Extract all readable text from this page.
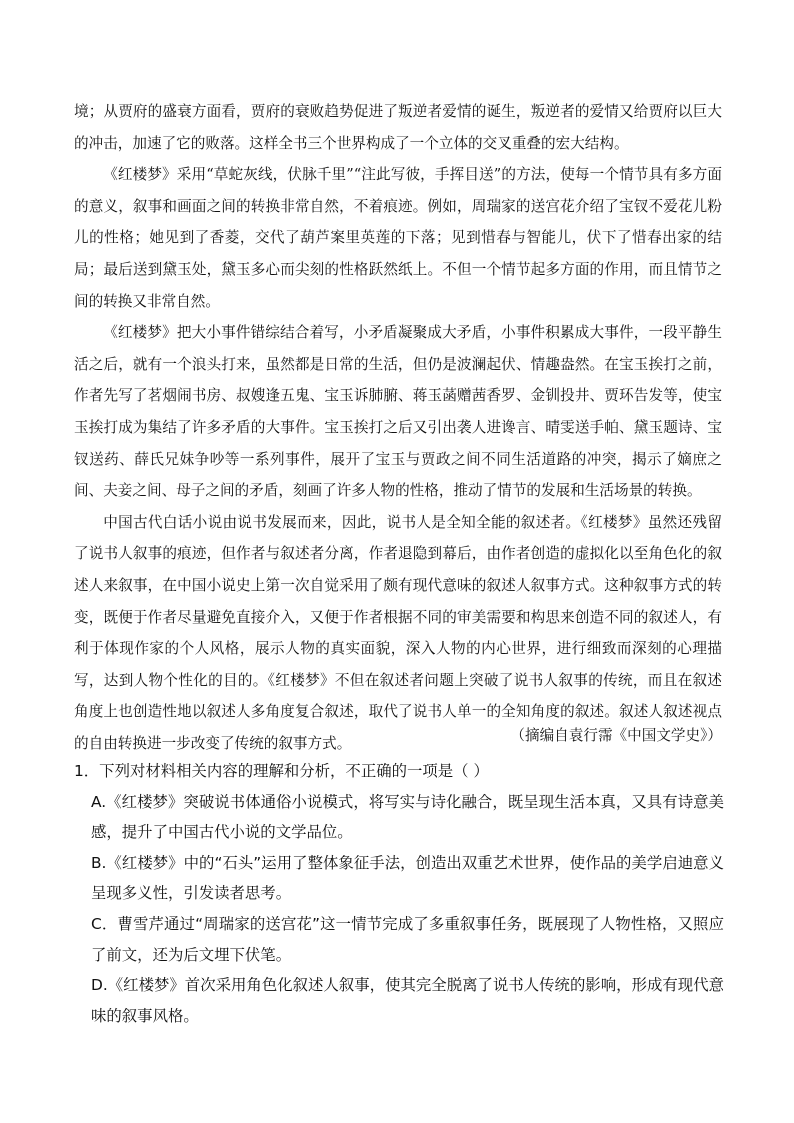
境；从贾府的盛衰方面看，贾府的衰败趋势促进了叛逆者爱情的诞生，叛逆者的爱情又给贾府以巨大的冲击，加速了它的败落。这样全书三个世界构成了一个立体的交叉重叠的宏大结构。

《红楼梦》采用“草蛇灰线，伏脉千里”“注此写彼，手挥目送”的方法，使每一个情节具有多方面的意义，叙事和画面之间的转换非常自然，不着痕迹。例如，周瑞家的送宫花介绍了宝钗不爱花儿粉儿的性格；她见到了香菱，交代了葫芦案里英莲的下落；见到惜春与智能儿，伏下了惜春出家的结局；最后送到黛玉处，黛玉多心而尖刻的性格跃然纸上。不但一个情节起多方面的作用，而且情节之间的转换又非常自然。

《红楼梦》把大小事件错综结合着写，小矛盾凝聚成大矛盾，小事件积累成大事件，一段平静生活之后，就有一个浪头打来，虽然都是日常的生活，但仍是波澜起伏、情趣盎然。在宝玉挨打之前，作者先写了茗烟闹书房、叔嫂逢五鬼、宝玉诉肺腑、蒋玉菡赠茜香罗、金钏投井、贾环告发等，使宝玉挨打成为集结了许多矛盾的大事件。宝玉挨打之后又引出袭人进谗言、晴雯送手帕、黛玉题诗、宝钗送药、薛氏兄妹争吵等一系列事件，展开了宝玉与贾政之间不同生活道路的冲突，揭示了嫡庶之间、夫妾之间、母子之间的矛盾，刻画了许多人物的性格，推动了情节的发展和生活场景的转换。

中国古代白话小说由说书发展而来，因此，说书人是全知全能的叙述者。《红楼梦》虽然还残留了说书人叙事的痕迹，但作者与叙述者分离，作者退隐到幕后，由作者创造的虚拟化以至角色化的叙述人来叙事，在中国小说史上第一次自觉采用了颇有现代意味的叙述人叙事方式。这种叙事方式的转变，既便于作者尽量避免直接介入，又便于作者根据不同的审美需要和构思来创造不同的叙述人，有利于体现作家的个人风格，展示人物的真实面貌，深入人物的内心世界，进行细致而深刻的心理描写，达到人物个性化的目的。《红楼梦》不但在叙述者问题上突破了说书人叙事的传统，而且在叙述角度上也创造性地以叙述人多角度复合叙述，取代了说书人单一的全知角度的叙述。叙述人叙述视点的自由转换进一步改变了传统的叙事方式。	（摘编自袁行霈《中国文学史》）

1．下列对材料相关内容的理解和分析，不正确的一项是（ ）

A.《红楼梦》突破说书体通俗小说模式，将写实与诗化融合，既呈现生活本真，又具有诗意美感，提升了中国古代小说的文学品位。

B.《红楼梦》中的“石头”运用了整体象征手法，创造出双重艺术世界，使作品的美学启迪意义呈现多义性，引发读者思考。

C．曹雪芹通过“周瑞家的送宫花”这一情节完成了多重叙事任务，既展现了人物性格，又照应了前文，还为后文埋下伏笔。

D.《红楼梦》首次采用角色化叙述人叙事，使其完全脱离了说书人传统的影响，形成有现代意味的叙事风格。
